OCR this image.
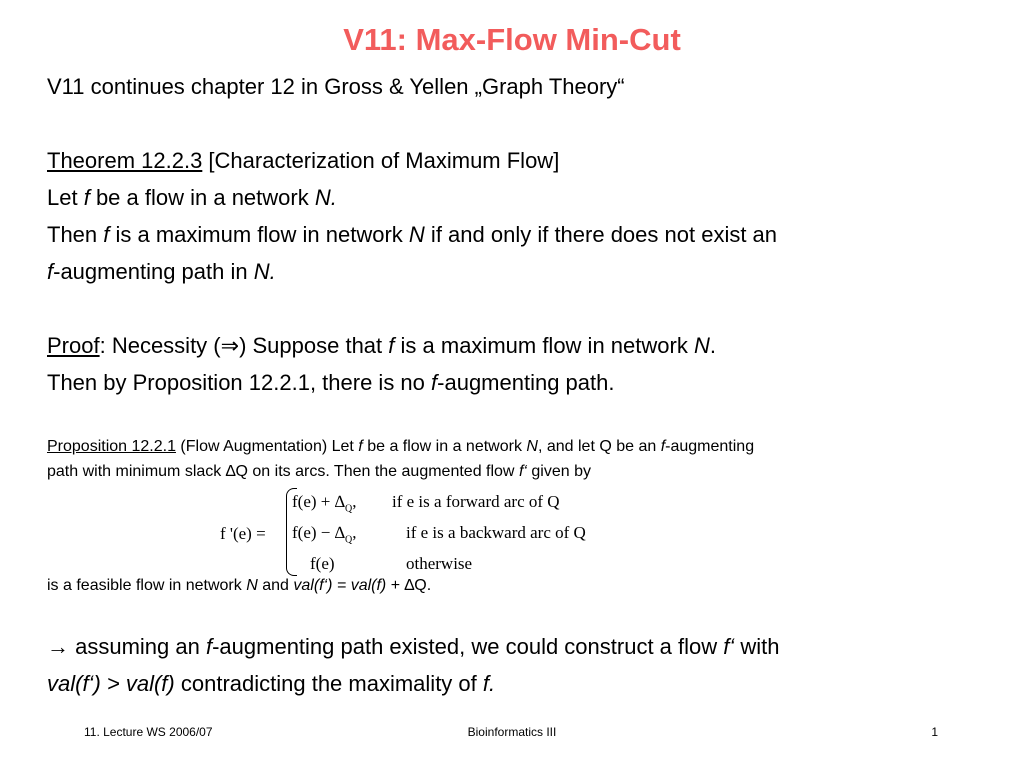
V11: Max-Flow Min-Cut
V11 continues chapter 12 in Gross & Yellen „Graph Theory“
Theorem 12.2.3 [Characterization of Maximum Flow]
Let f be a flow in a network N.
Then f is a maximum flow in network N if and only if there does not exist an
f-augmenting path in N.
Proof: Necessity (⇒) Suppose that f is a maximum flow in network N.
Then by Proposition 12.2.1, there is no f-augmenting path.
Proposition 12.2.1 (Flow Augmentation) Let f be a flow in a network N, and let Q be an f-augmenting
path with minimum slack ∆Q on its arcs. Then the augmented flow f‘ given by
f '(e) =
$f(e) + \Delta_Q$, if e is a forward arc of Q
$f(e) - \Delta_Q$,	if e is a backward arc of Q
f(e)	otherwise
is a feasible flow in network N and val(f‘) = val(f) + ∆Q.
→ assuming an f-augmenting path existed, we could construct a flow f‘ with
val(f‘) > val(f) contradicting the maximality of f.
11. Lecture WS 2006/07	Bioinformatics III	1
